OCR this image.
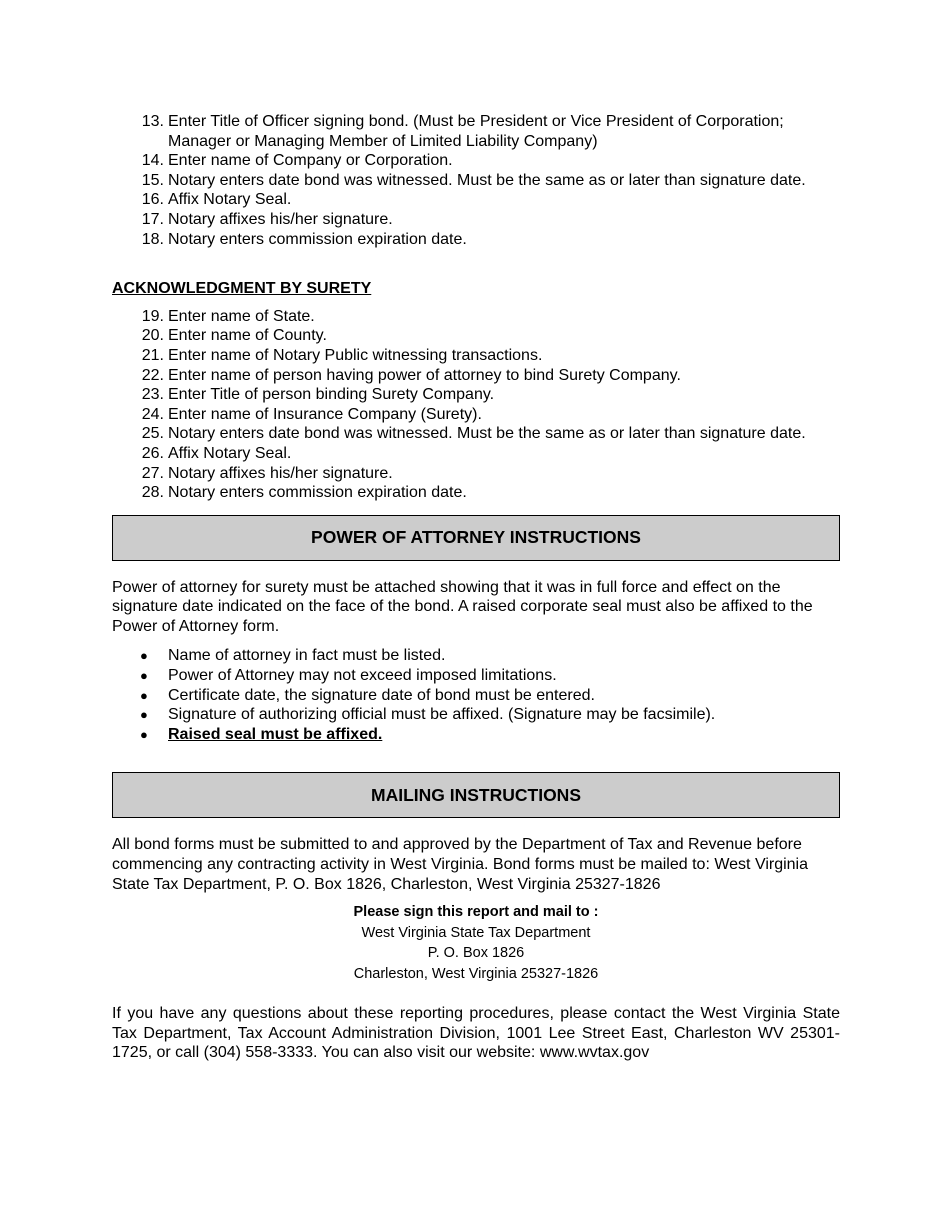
13. Enter Title of Officer signing bond. (Must be President or Vice President of Corporation; Manager or Managing Member of Limited Liability Company)
14. Enter name of Company or Corporation.
15. Notary enters date bond was witnessed. Must be the same as or later than signature date.
16. Affix Notary Seal.
17. Notary affixes his/her signature.
18. Notary enters commission expiration date.
ACKNOWLEDGMENT BY SURETY
19. Enter name of State.
20. Enter name of County.
21. Enter name of Notary Public witnessing transactions.
22. Enter name of person having power of attorney to bind Surety Company.
23. Enter Title of person binding Surety Company.
24. Enter name of Insurance Company (Surety).
25. Notary enters date bond was witnessed. Must be the same as or later than signature date.
26. Affix Notary Seal.
27. Notary affixes his/her signature.
28. Notary enters commission expiration date.
POWER OF ATTORNEY INSTRUCTIONS
Power of attorney for surety must be attached showing that it was in full force and effect on the signature date indicated on the face of the bond. A raised corporate seal must also be affixed to the Power of Attorney form.
● Name of attorney in fact must be listed.
● Power of Attorney may not exceed imposed limitations.
● Certificate date, the signature date of bond must be entered.
● Signature of authorizing official must be affixed. (Signature may be facsimile).
● Raised seal must be affixed.
MAILING INSTRUCTIONS
All bond forms must be submitted to and approved by the Department of Tax and Revenue before commencing any contracting activity in West Virginia. Bond forms must be mailed to: West Virginia State Tax Department, P. O. Box 1826, Charleston, West Virginia 25327-1826
Please sign this report and mail to :
West Virginia State Tax Department
P. O. Box 1826
Charleston, West Virginia 25327-1826
If you have any questions about these reporting procedures, please contact the West Virginia State Tax Department, Tax Account Administration Division, 1001 Lee Street East, Charleston WV 25301-1725, or call (304) 558-3333. You can also visit our website: www.wvtax.gov
